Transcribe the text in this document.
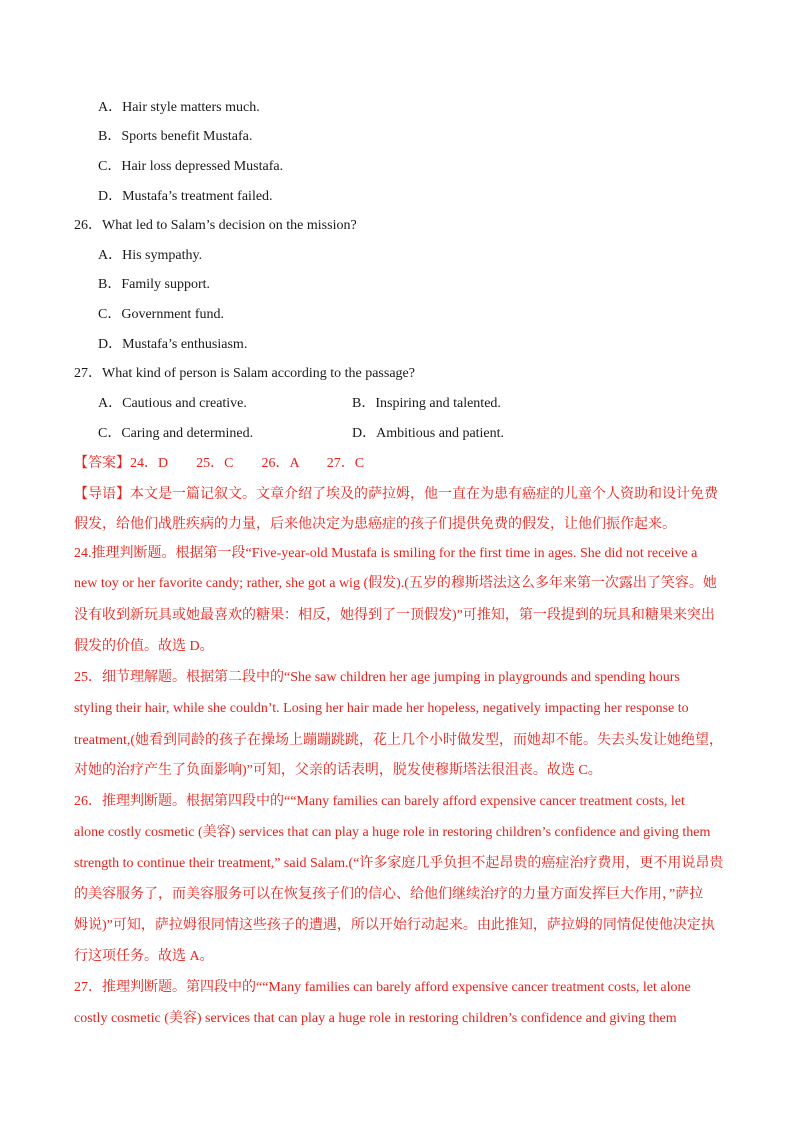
A．Hair style matters much.
B．Sports benefit Mustafa.
C．Hair loss depressed Mustafa.
D．Mustafa’s treatment failed.
26．What led to Salam’s decision on the mission?
A．His sympathy.
B．Family support.
C．Government fund.
D．Mustafa’s enthusiasm.
27．What kind of person is Salam according to the passage?
A．Cautious and creative.	B．Inspiring and talented.
C．Caring and determined.	D．Ambitious and patient.
【答案】24．D　　25．C　　26．A　　27．C
【导语】本文是一篇记叙文。文章介绍了埃及的萨拉姆，他一直在为患有癌症的儿童个人资助和设计免费
假发，给他们战胜疾病的力量，后来他决定为患癌症的孩子们提供免费的假发，让他们振作起来。
24.推理判断题。根据第一段“Five-year-old Mustafa is smiling for the first time in ages. She did not receive a
new toy or her favorite candy; rather, she got a wig (假发).(五岁的穆斯塔法这么多年来第一次露出了笑容。她
没有收到新玩具或她最喜欢的糖果：相反，她得到了一顶假发)”可推知，第一段提到的玩具和糖果来突出
假发的价值。故选 D。
25．细节理解题。根据第二段中的“She saw children her age jumping in playgrounds and spending hours
styling their hair, while she couldn’t. Losing her hair made her hopeless, negatively impacting her response to
treatment,(她看到同龄的孩子在操场上蹦蹦跳跳，花上几个小时做发型，而她却不能。失去头发让她绝望，
对她的治疗产生了负面影响)”可知，父亲的话表明，脱发使穆斯塔法很沮丧。故选 C。
26．推理判断题。根据第四段中的““Many families can barely afford expensive cancer treatment costs, let
alone costly cosmetic (美容) services that can play a huge role in restoring children’s confidence and giving them
strength to continue their treatment,” said Salam.(“许多家庭几乎负担不起昂贵的癌症治疗费用，更不用说昂贵
的美容服务了，而美容服务可以在恢复孩子们的信心、给他们继续治疗的力量方面发挥巨大作用，”萨拉
姆说)”可知，萨拉姆很同情这些孩子的遭遇，所以开始行动起来。由此推知，萨拉姆的同情促使他决定执
行这项任务。故选 A。
27．推理判断题。第四段中的““Many families can barely afford expensive cancer treatment costs, let alone
costly cosmetic (美容) services that can play a huge role in restoring children’s confidence and giving them
